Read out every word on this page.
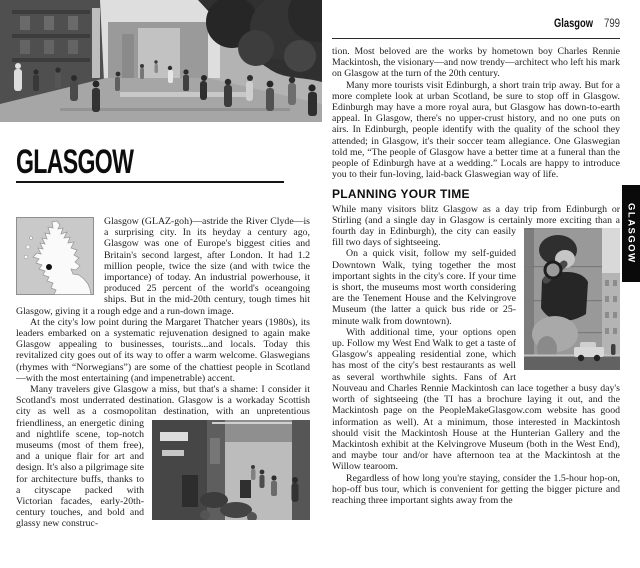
GLASGOW

Glasgow (GLAZ-goh)—astride the River Clyde—is a surprising city. In its heyday a century ago, Glasgow was one of Europe's biggest cities and Britain's second largest, after London. It had 1.2 million people, twice the size (and with twice the importance) of today. An industrial powerhouse, it produced 25 percent of the world's oceangoing ships. But in the mid-20th century, tough times hit Glasgow, giving it a rough edge and a run-down image.

At the city's low point during the Margaret Thatcher years (1980s), its leaders embarked on a systematic rejuvenation designed to again make Glasgow appealing to businesses, tourists...and locals. Today this revitalized city goes out of its way to offer a warm welcome. Glaswegians (rhymes with “Norwegians”) are some of the chattiest people in Scotland—with the most entertaining (and impenetrable) accent.

Many travelers give Glasgow a miss, but that's a shame: I consider it Scotland's most underrated destination. Glasgow is a workaday Scottish city as well as a cosmopolitan destination, with an unpretentious friendliness, an energetic dining and nightlife scene, top-notch museums (most of them free), and a unique flair for art and design. It's also a pilgrimage site for architecture buffs, thanks to a cityscape packed with Victorian facades, early-20th-century touches, and bold and glassy new construc-

Glasgow 799

tion. Most beloved are the works by hometown boy Charles Rennie Mackintosh, the visionary—and now trendy—architect who left his mark on Glasgow at the turn of the 20th century.

Many more tourists visit Edinburgh, a short train trip away. But for a more complete look at urban Scotland, be sure to stop off in Glasgow. Edinburgh may have a more royal aura, but Glasgow has down-to-earth appeal. In Glasgow, there's no upper-crust history, and no one puts on airs. In Edinburgh, people identify with the quality of the school they attended; in Glasgow, it's their soccer team allegiance. One Glaswegian told me, “The people of Glasgow have a better time at a funeral than the people of Edinburgh have at a wedding.” Locals are happy to introduce you to their fun-loving, laid-back Glaswegian way of life.

PLANNING YOUR TIME

While many visitors blitz Glasgow as a day trip from Edinburgh or Stirling (and a single day in Glasgow is certainly more exciting than a fourth day in Edinburgh), the city can easily fill two days of sightseeing.

On a quick visit, follow my self-guided Downtown Walk, tying together the most important sights in the city's core. If your time is short, the museums most worth considering are the Tenement House and the Kelvingrove Museum (the latter a quick bus ride or 25-minute walk from downtown).

With additional time, your options open up. Follow my West End Walk to get a taste of Glasgow's appealing residential zone, which has most of the city's best restaurants as well as several worthwhile sights. Fans of Art Nouveau and Charles Rennie Mackintosh can lace together a busy day's worth of sightseeing (the TI has a brochure laying it out, and the Mackintosh page on the PeopleMakeGlasgow.com website has good information as well). At a minimum, those interested in Mackintosh should visit the Mackintosh House at the Hunterian Gallery and the Mackintosh exhibit at the Kelvingrove Museum (both in the West End), and maybe tour and/or have afternoon tea at the Mackintosh at the Willow tearoom.

Regardless of how long you're staying, consider the 1.5-hour hop-on, hop-off bus tour, which is convenient for getting the bigger picture and reaching three important sights away from the

GLASGOW
